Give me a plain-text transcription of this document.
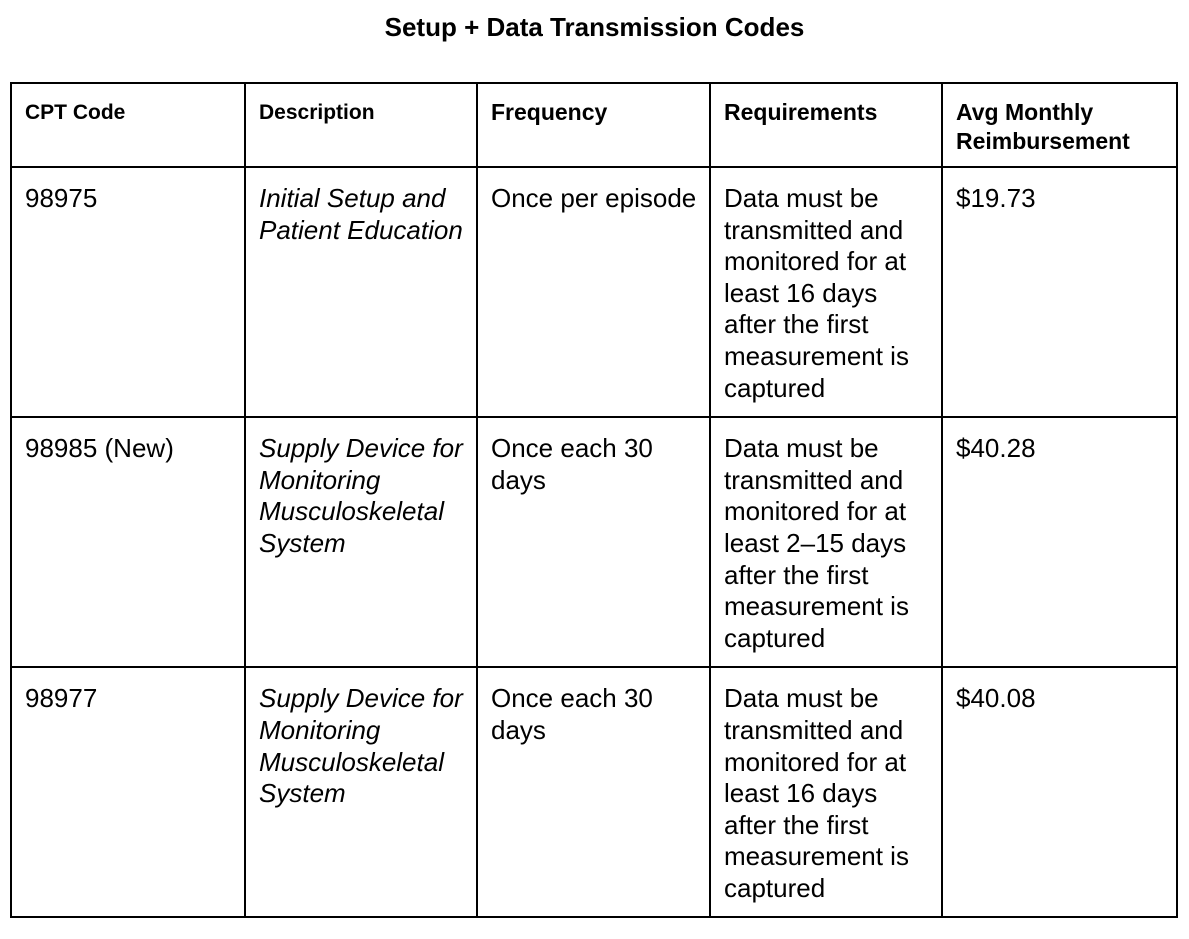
Setup + Data Transmission Codes
CPT Code	Description	Frequency	Requirements	Avg Monthly Reimbursement
98975	Initial Setup and Patient Education	Once per episode	Data must be transmitted and monitored for at least 16 days after the first measurement is captured	$19.73
98985 (New)	Supply Device for Monitoring Musculoskeletal System	Once each 30 days	Data must be transmitted and monitored for at least 2–15 days after the first measurement is captured	$40.28
98977	Supply Device for Monitoring Musculoskeletal System	Once each 30 days	Data must be transmitted and monitored for at least 16 days after the first measurement is captured	$40.08
